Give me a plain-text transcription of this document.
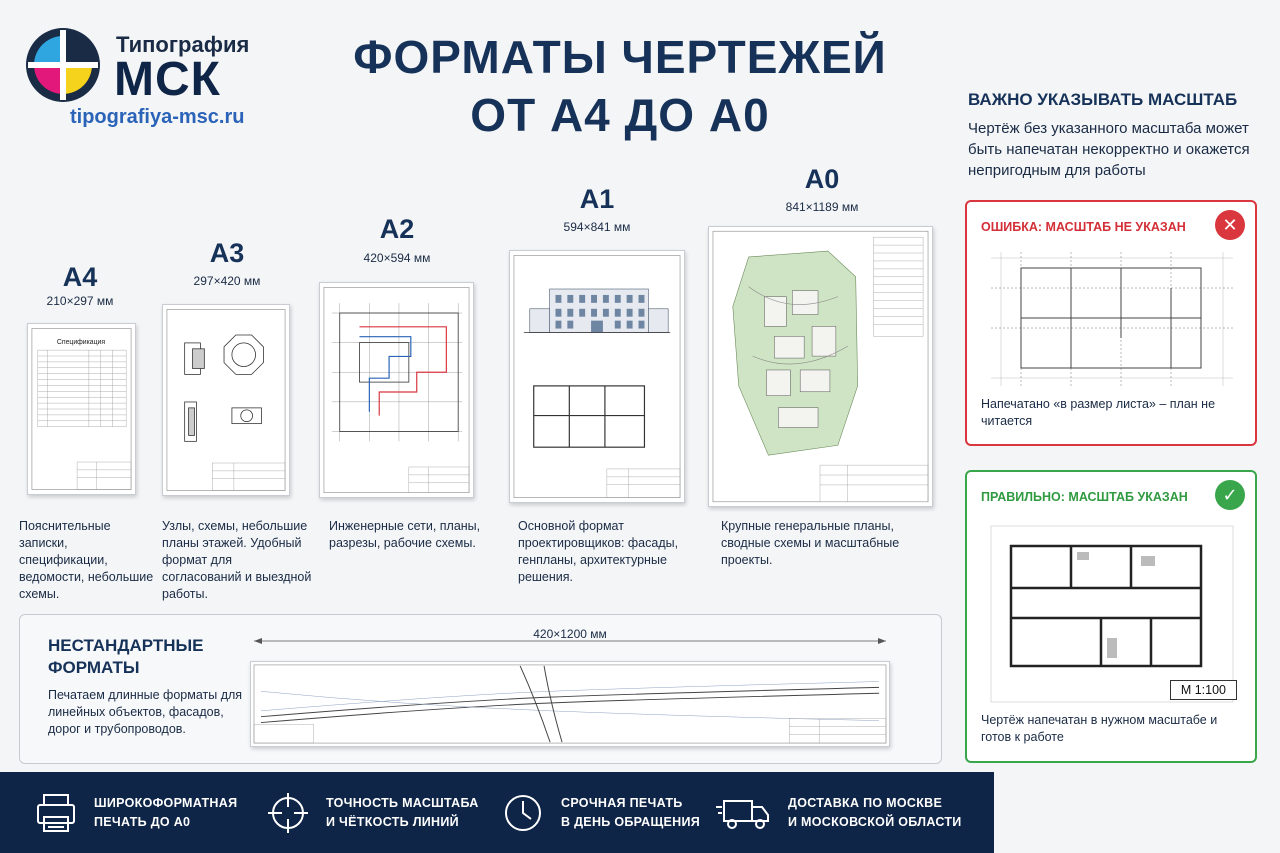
Типография
МСК
tipografiya-msc.ru
ФОРМАТЫ ЧЕРТЕЖЕЙ
ОТ А4 ДО А0	ВАЖНО УКАЗЫВАТЬ МАСШТАБ
Чертёж без указанного масштаба может быть напечатан некорректно и окажется непригодным для работы
A4
210×297 мм
Спецификация
Пояснительные записки, спецификации, ведомости, небольшие схемы.
A3
297×420 мм
Узлы, схемы, небольшие планы этажей. Удобный формат для согласований и выездной работы.
A2
420×594 мм
Инженерные сети, планы, разрезы, рабочие схемы.
A1
594×841 мм
Основной формат проектировщиков: фасады, генпланы, архитектурные решения.
A0
841×1189 мм
Крупные генеральные планы, сводные схемы и масштабные проекты.
НЕСТАНДАРТНЫЕ ФОРМАТЫ
Печатаем длинные форматы для линейных объектов, фасадов, дорог и трубопроводов.
420×1200 мм
ОШИБКА: МАСШТАБ НЕ УКАЗАН	✕
Напечатано «в размер листа» – план не читается
ПРАВИЛЬНО: МАСШТАБ УКАЗАН	✓
М 1:100
Чертёж напечатан в нужном масштабе и готов к работе
ШИРОКОФОРМАТНАЯ
ПЕЧАТЬ ДО А0
ТОЧНОСТЬ МАСШТАБА
И ЧЁТКОСТЬ ЛИНИЙ
СРОЧНАЯ ПЕЧАТЬ
В ДЕНЬ ОБРАЩЕНИЯ
ДОСТАВКА ПО МОСКВЕ
И МОСКОВСКОЙ ОБЛАСТИ
